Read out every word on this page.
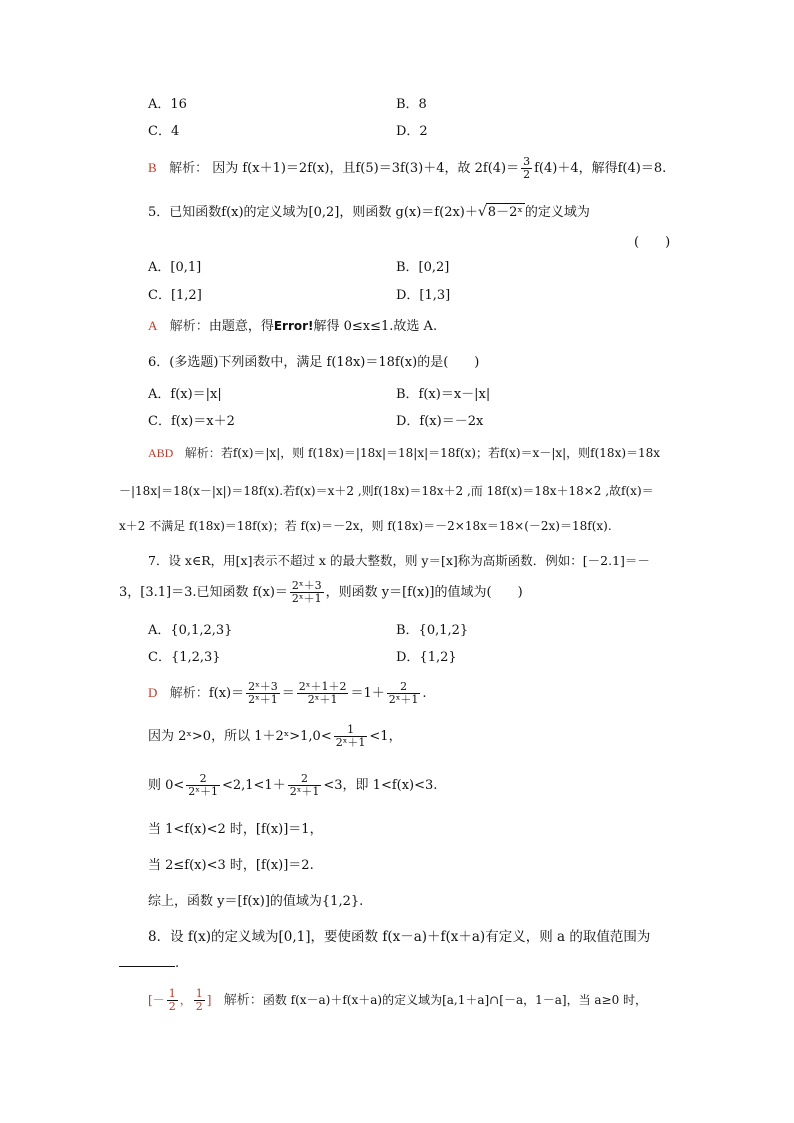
A．16	B．8
C．4	D．2
B 解析： 因为 f(x＋1)＝2f(x)，且f(5)＝3f(3)＋4，故 $2f(4)= \frac{3}{2} f(4)+4$，解得f(4)＝8.
5．已知函数f(x)的定义域为[0,2]，则函数 g(x)＝f(2x)＋√8－2ˣ 的定义域为
(　　)
A．[0,1]	B．[0,2]
C．[1,2]	D．[1,3]
A 解析：由题意，得Error!解得 0≤x≤1.故选 A.
6．(多选题)下列函数中，满足 f(18x)＝18f(x)的是(　　)
A．f(x)＝|x|	B．f(x)＝x－|x|
C．f(x)＝x＋2	D．f(x)＝－2x
ABD 解析：若f(x)＝|x|，则 f(18x)＝|18x|＝18|x|＝18f(x)；若f(x)＝x－|x|，则f(18x)＝18x
－|18x|＝18(x－|x|)＝18f(x).若f(x)＝x＋2 ,则f(18x)＝18x＋2 ,而 18f(x)＝18x＋18×2 ,故f(x)＝
x＋2 不满足 f(18x)＝18f(x)；若 f(x)＝－2x，则 f(18x)＝－2×18x＝18×(－2x)＝18f(x).
7．设 x∈R，用[x]表示不超过 x 的最大整数，则 y＝[x]称为高斯函数．例如：[－2.1]＝－
3，[3.1]＝3.已知函数 $f(x)= \frac{\text{2ˣ＋3}}{\text{2ˣ＋1}}$ ，则函数 y＝[f(x)]的值域为(　　)
A．{0,1,2,3}	B．{0,1,2}
C．{1,2,3}	D．{1,2}
D 解析：$f(x)= \frac{\text{2ˣ＋3}}{\text{2ˣ＋1}} = \frac{\text{2ˣ＋1＋2}}{\text{2ˣ＋1}} =1+ \frac{2}{\text{2ˣ＋1}}$ .
因为 2ˣ>0，所以 1＋2ˣ>1,0< $\frac{1}{\text{2ˣ＋1}} <1$，
则 $0< \frac{2}{\text{2ˣ＋1}} <2,1<1+ \frac{2}{\text{2ˣ＋1}} <3$，即 1<f(x)<3.
当 1<f(x)<2 时，[f(x)]＝1，
当 2≤f(x)<3 时，[f(x)]＝2.
综上，函数 y＝[f(x)]的值域为{1,2}.
8．设 f(x)的定义域为[0,1]，要使函数 f(x－a)＋f(x＋a)有定义，则 a 的取值范围为
.
[－ $\frac{1}{2}$ ， $\frac{1}{2}$ ] 解析：函数 f(x－a)＋f(x＋a)的定义域为[a,1＋a]∩[－a，1－a]，当 a≥0 时，
